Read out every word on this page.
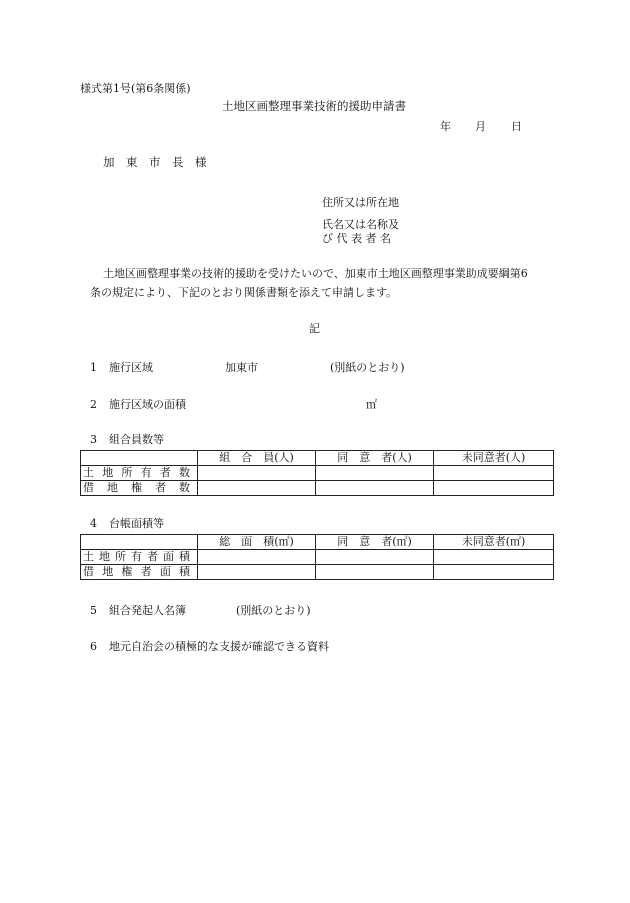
様式第1号(第6条関係)
土地区画整理事業技術的援助申請書
年 月 日
加　東　市　長　様
住所又は所在地
氏名又は名称及
び 代 表 者 名
土地区画整理事業の技術的援助を受けたいので、加東市土地区画整理事業助成要綱第6
条の規定により、下記のとおり関係書類を添えて申請します。
記
1 施行区域	加東市	(別紙のとおり)
2 施行区域の面積	㎡
3 組合員数等
	組　合　員(人)	同　意　者(人)	未同意者(人)
土地所有者数			
借地権者数			
4 台帳面積等
	総　面　積(㎡)	同　意　者(㎡)	未同意者(㎡)
土地所有者面積			
借地権者面積			
5 組合発起人名簿	(別紙のとおり)
6 地元自治会の積極的な支援が確認できる資料
